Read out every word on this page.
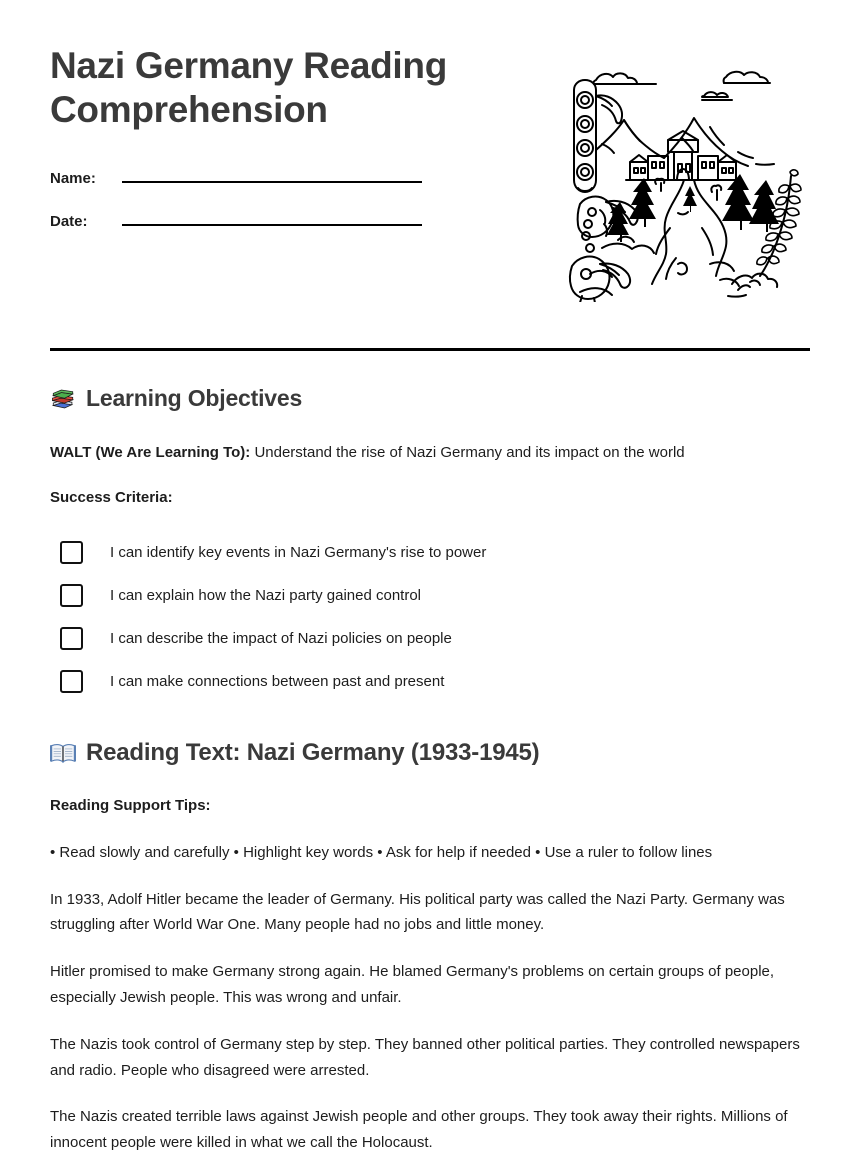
Nazi Germany Reading Comprehension
Name:
Date:
Learning Objectives
WALT (We Are Learning To): Understand the rise of Nazi Germany and its impact on the world
Success Criteria:
I can identify key events in Nazi Germany's rise to power
I can explain how the Nazi party gained control
I can describe the impact of Nazi policies on people
I can make connections between past and present
Reading Text: Nazi Germany (1933-1945)
Reading Support Tips:

• Read slowly and carefully • Highlight key words • Ask for help if needed • Use a ruler to follow lines

In 1933, Adolf Hitler became the leader of Germany. His political party was called the Nazi Party. Germany was struggling after World War One. Many people had no jobs and little money.

Hitler promised to make Germany strong again. He blamed Germany's problems on certain groups of people, especially Jewish people. This was wrong and unfair.

The Nazis took control of Germany step by step. They banned other political parties. They controlled newspapers and radio. People who disagreed were arrested.

The Nazis created terrible laws against Jewish people and other groups. They took away their rights. Millions of innocent people were killed in what we call the Holocaust.
